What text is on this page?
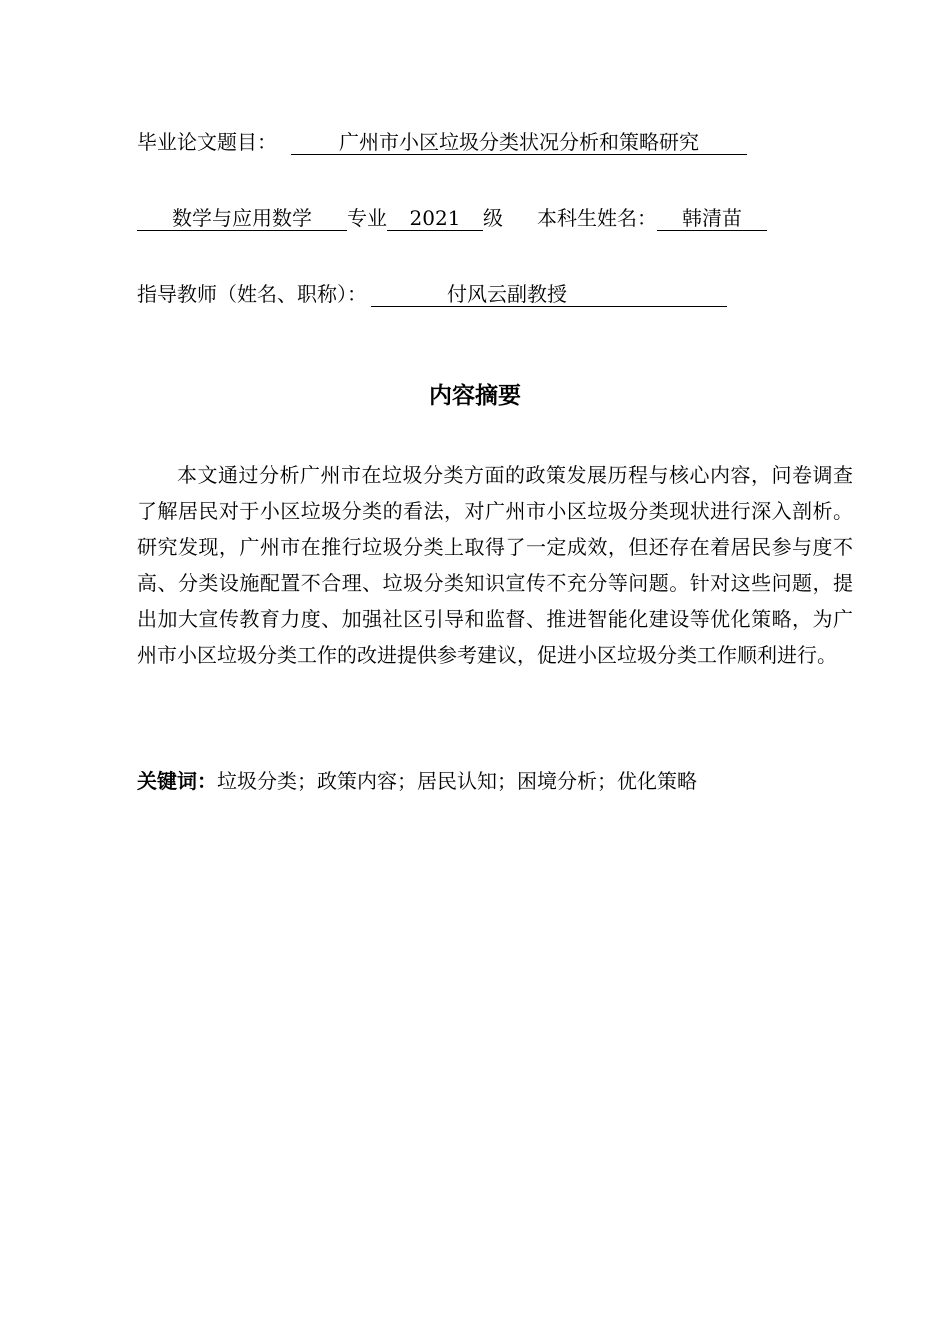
毕业论文题目：	广州市小区垃圾分类状况分析和策略研究
数学与应用数学 专业 2021 级 本科生姓名： 韩清苗
指导教师（姓名、职称）：	付风云副教授
内容摘要

本文通过分析广州市在垃圾分类方面的政策发展历程与核心内容，问卷调查了解居民对于小区垃圾分类的看法，对广州市小区垃圾分类现状进行深入剖析。研究发现，广州市在推行垃圾分类上取得了一定成效，但还存在着居民参与度不高、分类设施配置不合理、垃圾分类知识宣传不充分等问题。针对这些问题，提出加大宣传教育力度、加强社区引导和监督、推进智能化建设等优化策略，为广州市小区垃圾分类工作的改进提供参考建议，促进小区垃圾分类工作顺利进行。

关键词：垃圾分类；政策内容；居民认知；困境分析；优化策略
